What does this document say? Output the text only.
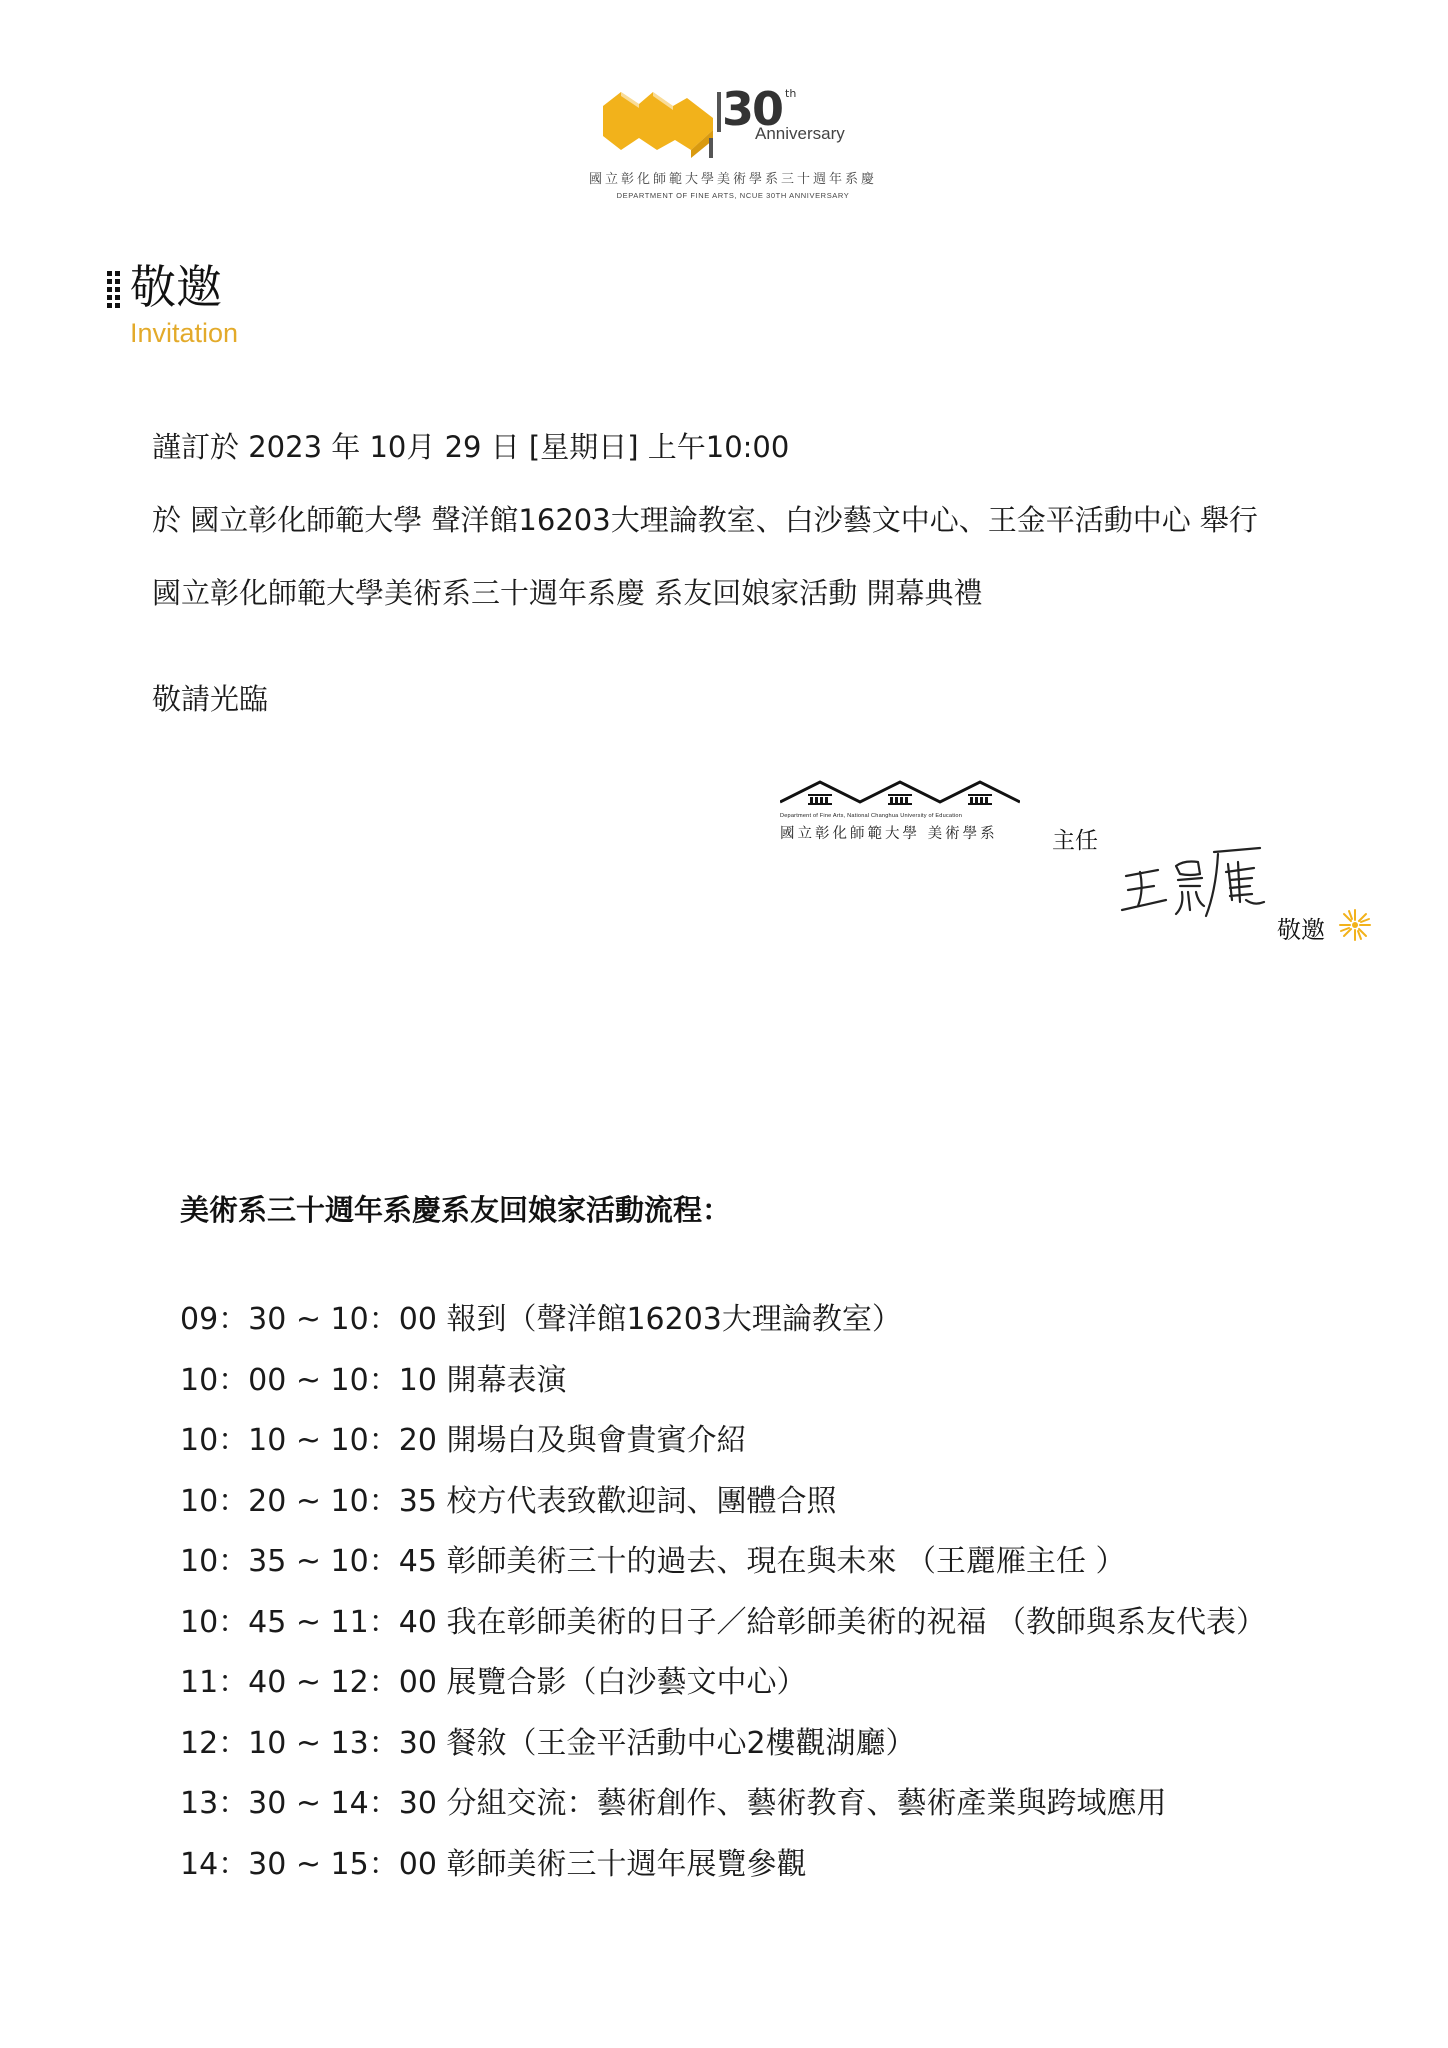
30 $^{th}$
Anniversary
國立彰化師範大學美術學系三十週年系慶
DEPARTMENT OF FINE ARTS, NCUE 30TH ANNIVERSARY
敬邀
Invitation
謹訂於 2023 年 10月 29 日 [星期日] 上午10:00
於 國立彰化師範大學 聲洋館16203大理論教室、白沙藝文中心、王金平活動中心 舉行
國立彰化師範大學美術系三十週年系慶 系友回娘家活動 開幕典禮
敬請光臨
Department of Fine Arts, National Changhua University of Education
國立彰化師範大學 美術學系	主任
敬邀
美術系三十週年系慶系友回娘家活動流程：
09：30 ~ 10：00 報到（聲洋館16203大理論教室）
10：00 ~ 10：10 開幕表演
10：10 ~ 10：20 開場白及與會貴賓介紹
10：20 ~ 10：35 校方代表致歡迎詞、團體合照
10：35 ~ 10：45 彰師美術三十的過去、現在與未來 （王麗雁主任 ）
10：45 ~ 11：40 我在彰師美術的日子／給彰師美術的祝福 （教師與系友代表）
11：40 ~ 12：00 展覽合影（白沙藝文中心）
12：10 ~ 13：30 餐敘（王金平活動中心2樓觀湖廳）
13：30 ~ 14：30 分組交流：藝術創作、藝術教育、藝術產業與跨域應用
14：30 ~ 15：00 彰師美術三十週年展覽參觀
